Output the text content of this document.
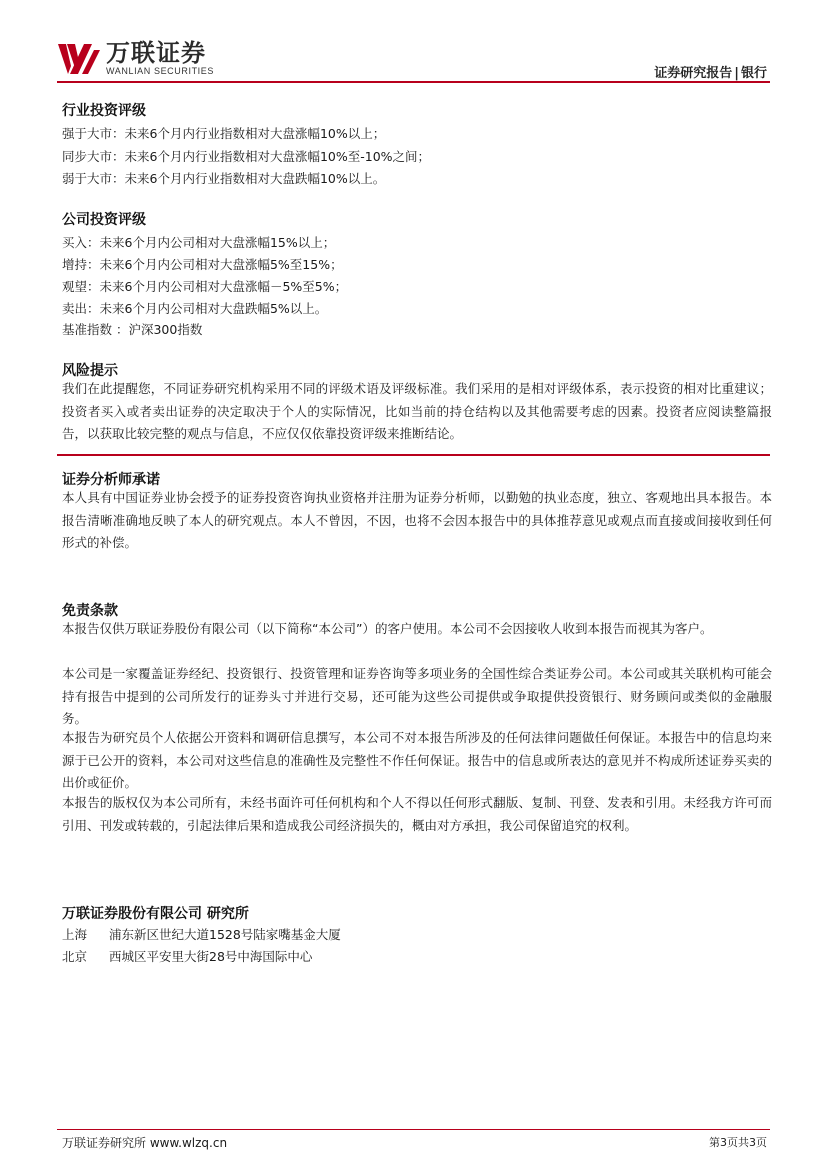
万联证券
WANLIAN SECURITIES	证券研究报告 | 银行
行业投资评级
强于大市：未来6个月内行业指数相对大盘涨幅10%以上；
同步大市：未来6个月内行业指数相对大盘涨幅10%至-10%之间；
弱于大市：未来6个月内行业指数相对大盘跌幅10%以上。
公司投资评级
买入：未来6个月内公司相对大盘涨幅15%以上；
增持：未来6个月内公司相对大盘涨幅5%至15%；
观望：未来6个月内公司相对大盘涨幅－5%至5%；
卖出：未来6个月内公司相对大盘跌幅5%以上。
基准指数 ：沪深300指数
风险提示
我们在此提醒您，不同证券研究机构采用不同的评级术语及评级标准。我们采用的是相对评级体系，表示投资的相对比重建议；投资者买入或者卖出证券的决定取决于个人的实际情况，比如当前的持仓结构以及其他需要考虑的因素。投资者应阅读整篇报告，以获取比较完整的观点与信息，不应仅仅依靠投资评级来推断结论。
证券分析师承诺
本人具有中国证券业协会授予的证券投资咨询执业资格并注册为证券分析师，以勤勉的执业态度，独立、客观地出具本报告。本报告清晰准确地反映了本人的研究观点。本人不曾因，不因，也将不会因本报告中的具体推荐意见或观点而直接或间接收到任何形式的补偿。
免责条款
本报告仅供万联证券股份有限公司（以下简称“本公司”）的客户使用。本公司不会因接收人收到本报告而视其为客户。
本公司是一家覆盖证券经纪、投资银行、投资管理和证券咨询等多项业务的全国性综合类证券公司。本公司或其关联机构可能会持有报告中提到的公司所发行的证券头寸并进行交易，还可能为这些公司提供或争取提供投资银行、财务顾问或类似的金融服务。
本报告为研究员个人依据公开资料和调研信息撰写，本公司不对本报告所涉及的任何法律问题做任何保证。本报告中的信息均来源于已公开的资料，本公司对这些信息的准确性及完整性不作任何保证。报告中的信息或所表达的意见并不构成所述证券买卖的出价或征价。
本报告的版权仅为本公司所有，未经书面许可任何机构和个人不得以任何形式翻版、复制、刊登、发表和引用。未经我方许可而引用、刊发或转载的，引起法律后果和造成我公司经济损失的，概由对方承担，我公司保留追究的权利。
万联证券股份有限公司 研究所
上海 浦东新区世纪大道1528号陆家嘴基金大厦
北京 西城区平安里大街28号中海国际中心
万联证券研究所 www.wlzq.cn	第3页共3页
